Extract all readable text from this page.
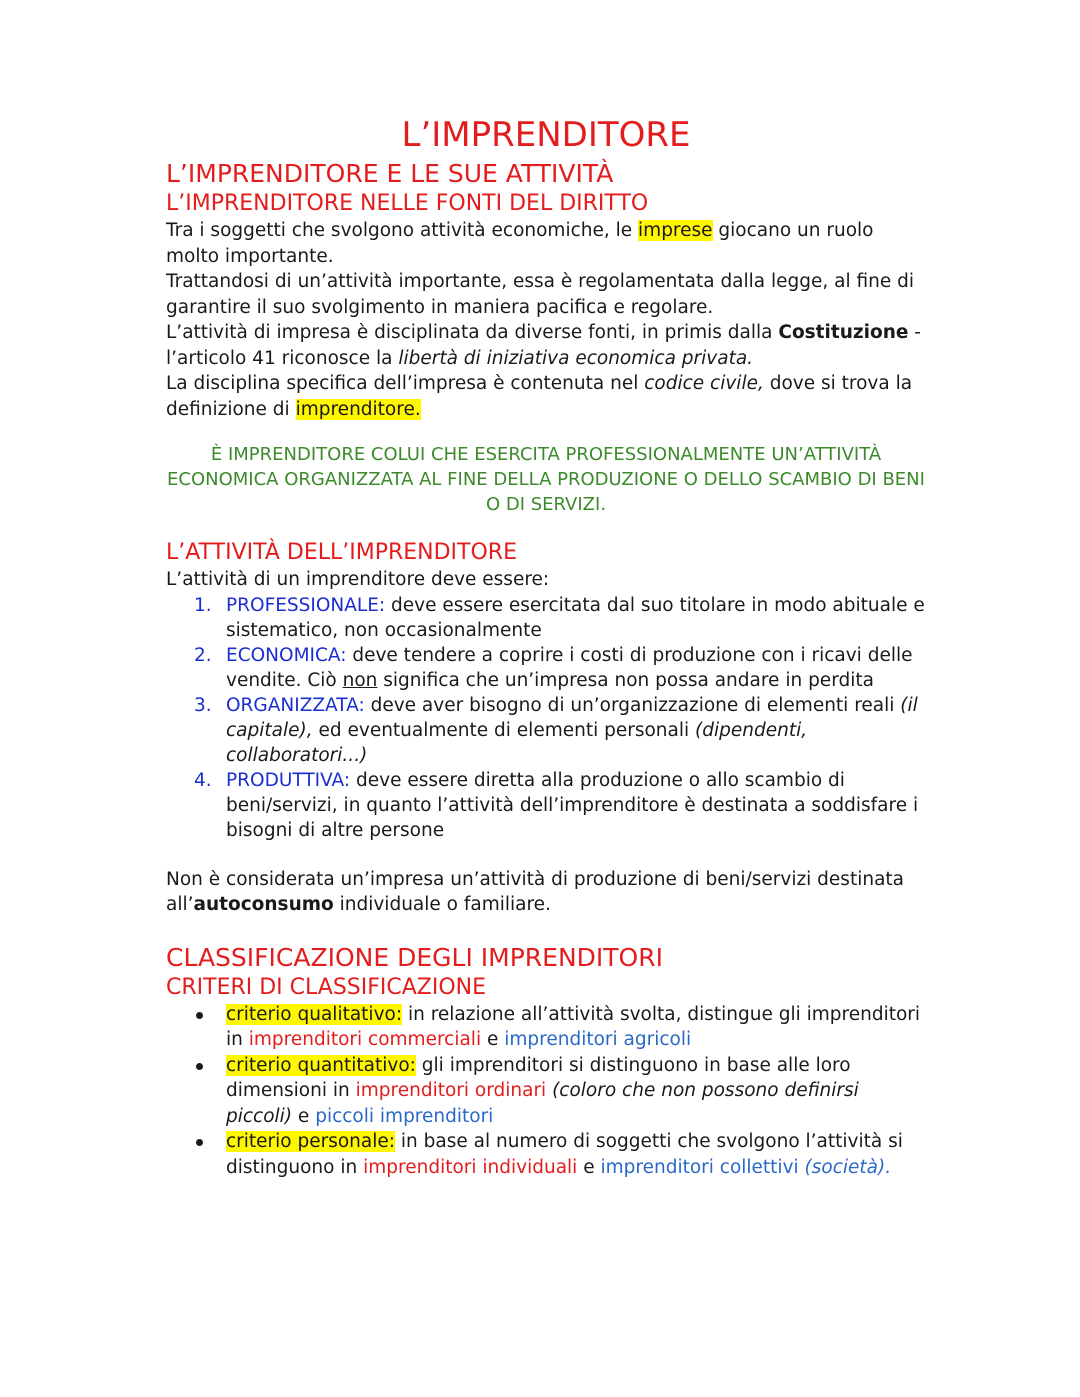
L’IMPRENDITORE
L’IMPRENDITORE E LE SUE ATTIVITÀ
L’IMPRENDITORE NELLE FONTI DEL DIRITTO

Tra i soggetti che svolgono attività economiche, le imprese giocano un ruolo molto importante.

Trattandosi di un’attività importante, essa è regolamentata dalla legge, al fine di garantire il suo svolgimento in maniera pacifica e regolare.

L’attività di impresa è disciplinata da diverse fonti, in primis dalla Costituzione - l’articolo 41 riconosce la libertà di iniziativa economica privata.

La disciplina specifica dell’impresa è contenuta nel codice civile, dove si trova la definizione di imprenditore.

È IMPRENDITORE COLUI CHE ESERCITA PROFESSIONALMENTE UN’ATTIVITÀ ECONOMICA ORGANIZZATA AL FINE DELLA PRODUZIONE O DELLO SCAMBIO DI BENI O DI SERVIZI.
L’ATTIVITÀ DELL’IMPRENDITORE

L’attività di un imprenditore deve essere:

1. PROFESSIONALE: deve essere esercitata dal suo titolare in modo abituale e sistematico, non occasionalmente
2. ECONOMICA: deve tendere a coprire i costi di produzione con i ricavi delle vendite. Ciò non significa che un’impresa non possa andare in perdita
3. ORGANIZZATA: deve aver bisogno di un’organizzazione di elementi reali (il capitale), ed eventualmente di elementi personali (dipendenti, collaboratori...)
4. PRODUTTIVA: deve essere diretta alla produzione o allo scambio di beni/servizi, in quanto l’attività dell’imprenditore è destinata a soddisfare i bisogni di altre persone

Non è considerata un’impresa un’attività di produzione di beni/servizi destinata all’autoconsumo individuale o familiare.

CLASSIFICAZIONE DEGLI IMPRENDITORI
CRITERI DI CLASSIFICAZIONE
criterio qualitativo: in relazione all’attività svolta, distingue gli imprenditori in imprenditori commerciali e imprenditori agricoli
criterio quantitativo: gli imprenditori si distinguono in base alle loro dimensioni in imprenditori ordinari (coloro che non possono definirsi piccoli) e piccoli imprenditori
criterio personale: in base al numero di soggetti che svolgono l’attività si distinguono in imprenditori individuali e imprenditori collettivi (società).
